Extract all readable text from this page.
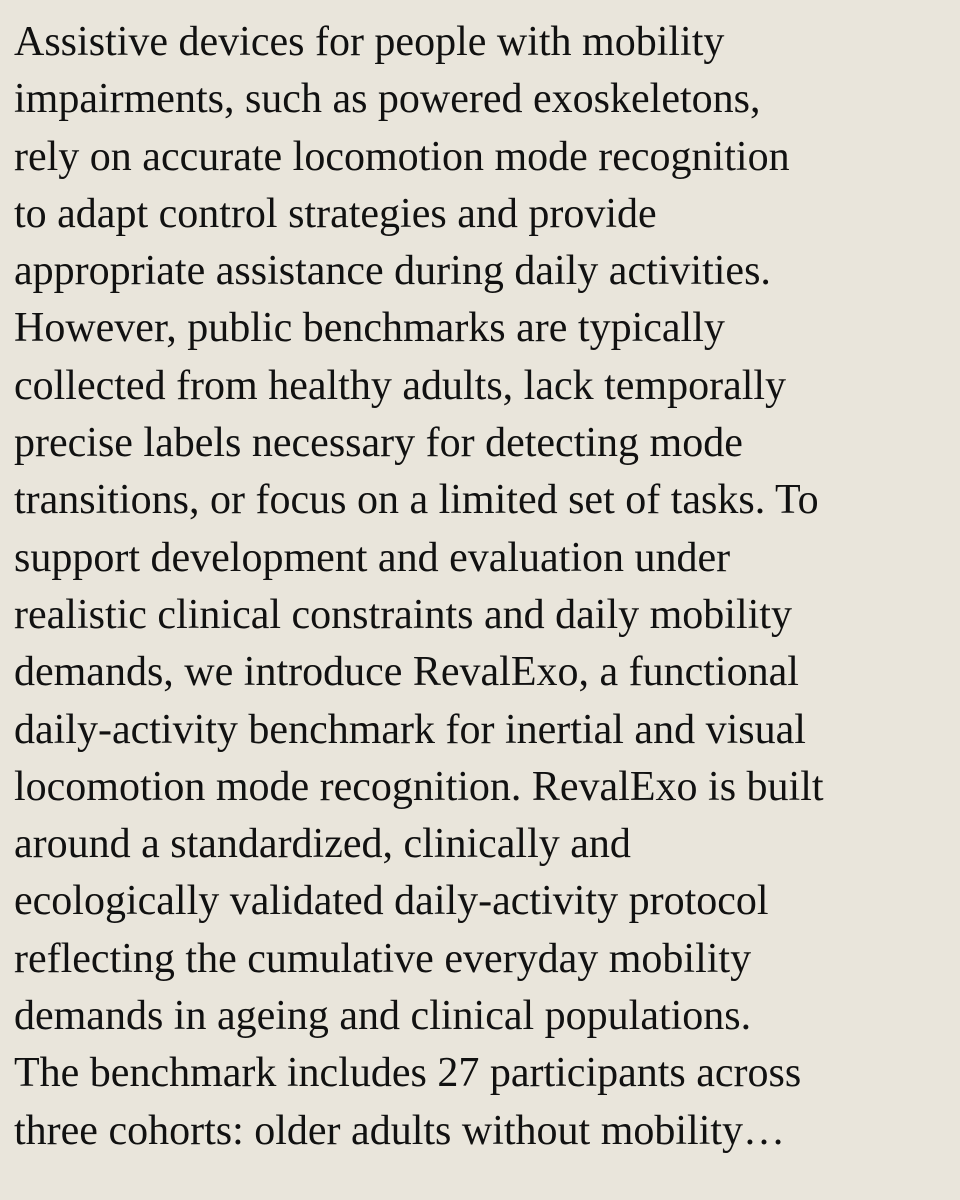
Assistive devices for people with mobility
impairments, such as powered exoskeletons,
rely on accurate locomotion mode recognition
to adapt control strategies and provide
appropriate assistance during daily activities.
However, public benchmarks are typically
collected from healthy adults, lack temporally
precise labels necessary for detecting mode
transitions, or focus on a limited set of tasks. To
support development and evaluation under
realistic clinical constraints and daily mobility
demands, we introduce RevalExo, a functional
daily-activity benchmark for inertial and visual
locomotion mode recognition. RevalExo is built
around a standardized, clinically and
ecologically validated daily-activity protocol
reflecting the cumulative everyday mobility
demands in ageing and clinical populations.
The benchmark includes 27 participants across
three cohorts: older adults without mobility…
